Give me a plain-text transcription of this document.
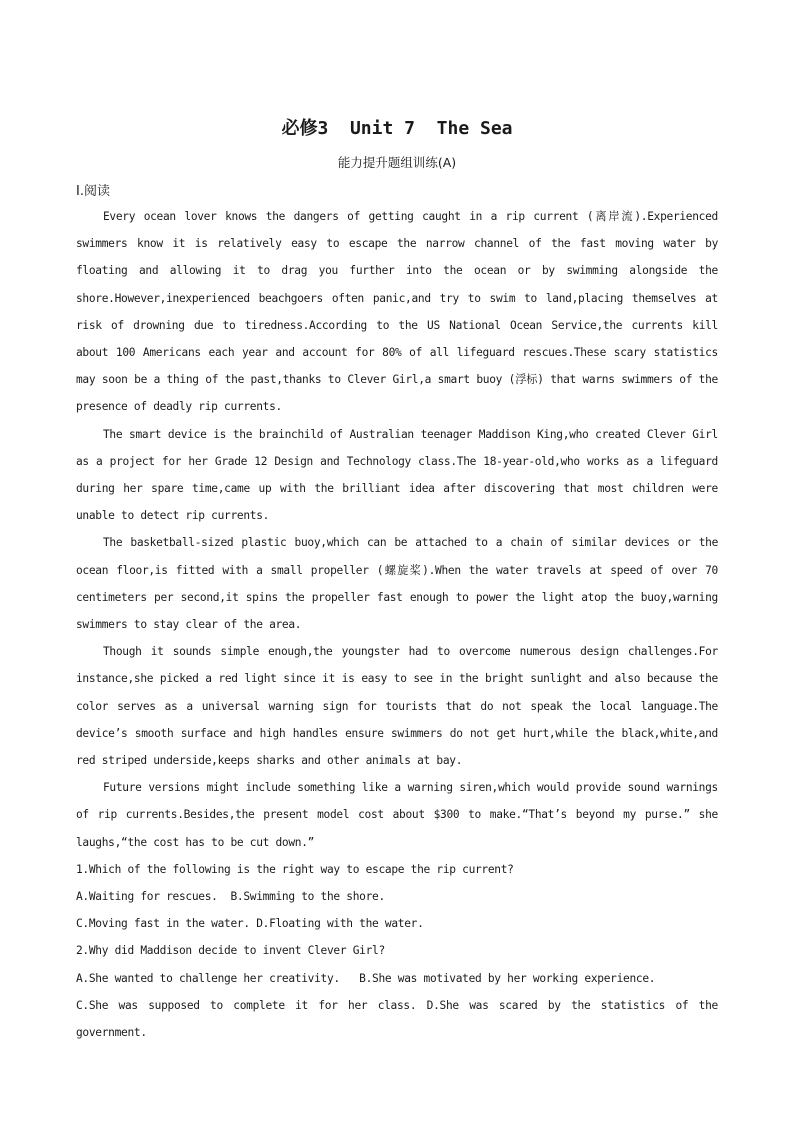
必修3  Unit 7  The Sea
能力提升题组训练(A)
Ⅰ.阅读

Every ocean lover knows the dangers of getting caught in a rip current (离岸流).Experienced swimmers know it is relatively easy to escape the narrow channel of the fast moving water by floating and allowing it to drag you further into the ocean or by swimming alongside the shore.However,inexperienced beachgoers often panic,and try to swim to land,placing themselves at risk of drowning due to tiredness.According to the US National Ocean Service,the currents kill about 100 Americans each year and account for 80% of all lifeguard rescues.These scary statistics may soon be a thing of the past,thanks to Clever Girl,a smart buoy (浮标) that warns swimmers of the presence of deadly rip currents.

The smart device is the brainchild of Australian teenager Maddison King,who created Clever Girl as a project for her Grade 12 Design and Technology class.The 18-year-old,who works as a lifeguard during her spare time,came up with the brilliant idea after discovering that most children were unable to detect rip currents.

The basketball-sized plastic buoy,which can be attached to a chain of similar devices or the ocean floor,is fitted with a small propeller (螺旋桨).When the water travels at speed of over 70 centimeters per second,it spins the propeller fast enough to power the light atop the buoy,warning swimmers to stay clear of the area.

Though it sounds simple enough,the youngster had to overcome numerous design challenges.For instance,she picked a red light since it is easy to see in the bright sunlight and also because the color serves as a universal warning sign for tourists that do not speak the local language.The device’s smooth surface and high handles ensure swimmers do not get hurt,while the black,white,and red striped underside,keeps sharks and other animals at bay.

Future versions might include something like a warning siren,which would provide sound warnings of rip currents.Besides,the present model cost about $300 to make.“That’s beyond my purse.” she laughs,“the cost has to be cut down.”

1.Which of the following is the right way to escape the rip current?

A.Waiting for rescues.  B.Swimming to the shore.

C.Moving fast in the water. D.Floating with the water.

2.Why did Maddison decide to invent Clever Girl?

A.She wanted to challenge her creativity.   B.She was motivated by her working experience.

C.She was supposed to complete it for her class. D.She was scared by the statistics of the government.
